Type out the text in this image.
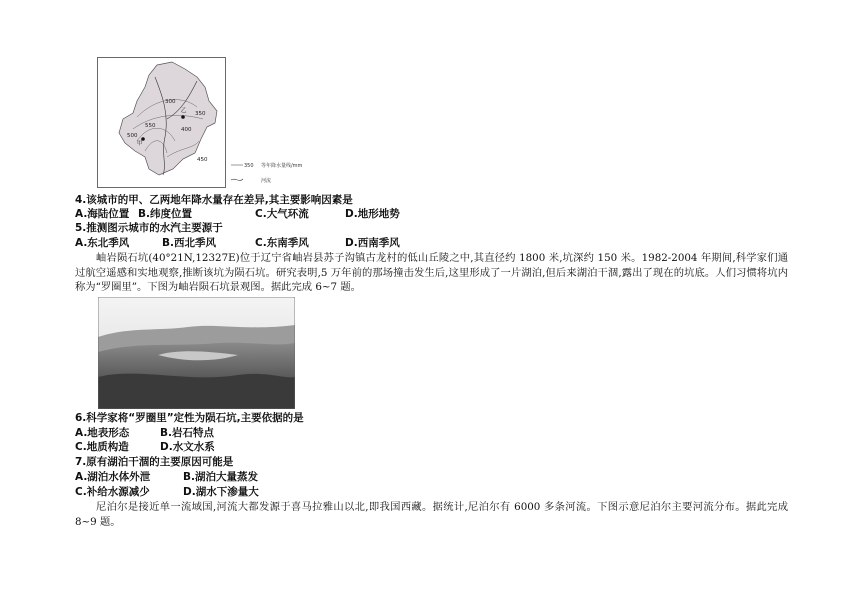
300
350
400
450
500
550
乙
甲
350 等年降水量线/mm
河流
4.该城市的甲、乙两地年降水量存在差异,其主要影响因素是
A.海陆位置 B.纬度位置	C.大气环流	D.地形地势
5.推测图示城市的水汽主要源于
A.东北季风	B.西北季风	C.东南季风	D.西南季风
岫岩陨石坑(40°21N,12327E)位于辽宁省岫岩县苏子沟镇古龙村的低山丘陵之中,其直径约 1800 米,坑深约 150 米。1982-2004 年期间,科学家们通过航空遥感和实地观察,推断该坑为陨石坑。研究表明,5 万年前的那场撞击发生后,这里形成了一片湖泊,但后来湖泊干涸,露出了现在的坑底。人们习惯将坑内称为“罗圈里”。下图为岫岩陨石坑景观图。据此完成 6~7 题。
6.科学家将“罗圈里”定性为陨石坑,主要依据的是
A.地表形态	B.岩石特点
C.地质构造	D.水文水系
7.原有湖泊干涸的主要原因可能是
A.湖泊水体外泄	B.湖泊大量蒸发
C.补给水源减少	D.湖水下渗量大
尼泊尔是接近单一流域国,河流大都发源于喜马拉雅山以北,即我国西藏。据统计,尼泊尔有 6000 多条河流。下图示意尼泊尔主要河流分布。据此完成 8~9 题。
